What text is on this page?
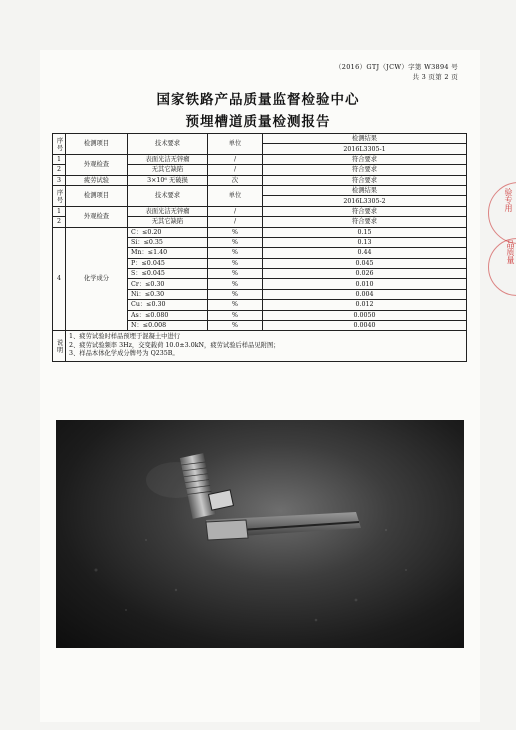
（2016）GTJ（JCW）字第 W3894 号
共 3 页第 2 页
国家铁路产品质量监督检验中心
预埋槽道质量检测报告
序号	检测项目	技术要求	单位	检测结果
				2016L3305-1
1	外观检查	表面光洁无锌瘤	/	符合要求
2		无其它缺陷	/	符合要求
3	疲劳试验	3×10⁶ 无破损	次	符合要求
序号	检测项目	技术要求	单位	检测结果
				2016L3305-2
1	外观检查	表面光洁无锌瘤	/	符合要求
2		无其它缺陷	/	符合要求
4	化学成分	C：≤0.20	%	0.15
		Si：≤0.35	%	0.13
		Mn：≤1.40	%	0.44
		P：≤0.045	%	0.045
		S：≤0.045	%	0.026
		Cr：≤0.30	%	0.010
		Ni：≤0.30	%	0.004
		Cu：≤0.30	%	0.012
		As：≤0.080	%	0.0050
		N：≤0.008	%	0.0040
说明	1、疲劳试验时样品预埋于混凝土中进行
2、疲劳试验频率 3Hz，交变载荷 10.0±3.0kN，疲劳试验后样品见附图；
3、样品本体化学成分牌号为 Q235B。			
验专用
品质量
